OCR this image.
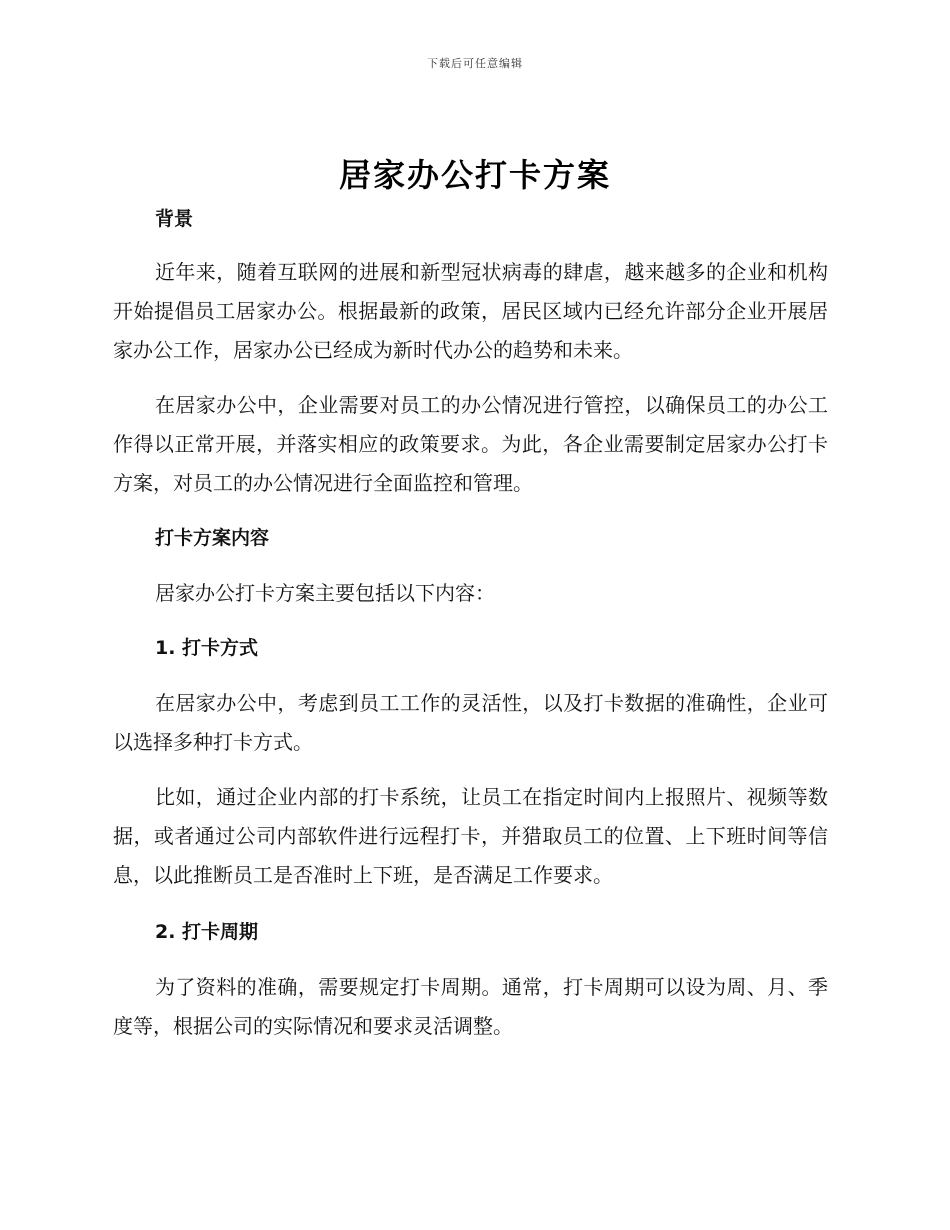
下载后可任意编辑
居家办公打卡方案

背景

近年来，随着互联网的进展和新型冠状病毒的肆虐，越来越多的企业和机构开始提倡员工居家办公。根据最新的政策，居民区域内已经允许部分企业开展居家办公工作，居家办公已经成为新时代办公的趋势和未来。

在居家办公中，企业需要对员工的办公情况进行管控，以确保员工的办公工作得以正常开展，并落实相应的政策要求。为此，各企业需要制定居家办公打卡方案，对员工的办公情况进行全面监控和管理。

打卡方案内容

居家办公打卡方案主要包括以下内容：

1. 打卡方式

在居家办公中，考虑到员工工作的灵活性，以及打卡数据的准确性，企业可以选择多种打卡方式。

比如，通过企业内部的打卡系统，让员工在指定时间内上报照片、视频等数据，或者通过公司内部软件进行远程打卡，并猎取员工的位置、上下班时间等信息，以此推断员工是否准时上下班，是否满足工作要求。

2. 打卡周期

为了资料的准确，需要规定打卡周期。通常，打卡周期可以设为周、月、季度等，根据公司的实际情况和要求灵活调整。
